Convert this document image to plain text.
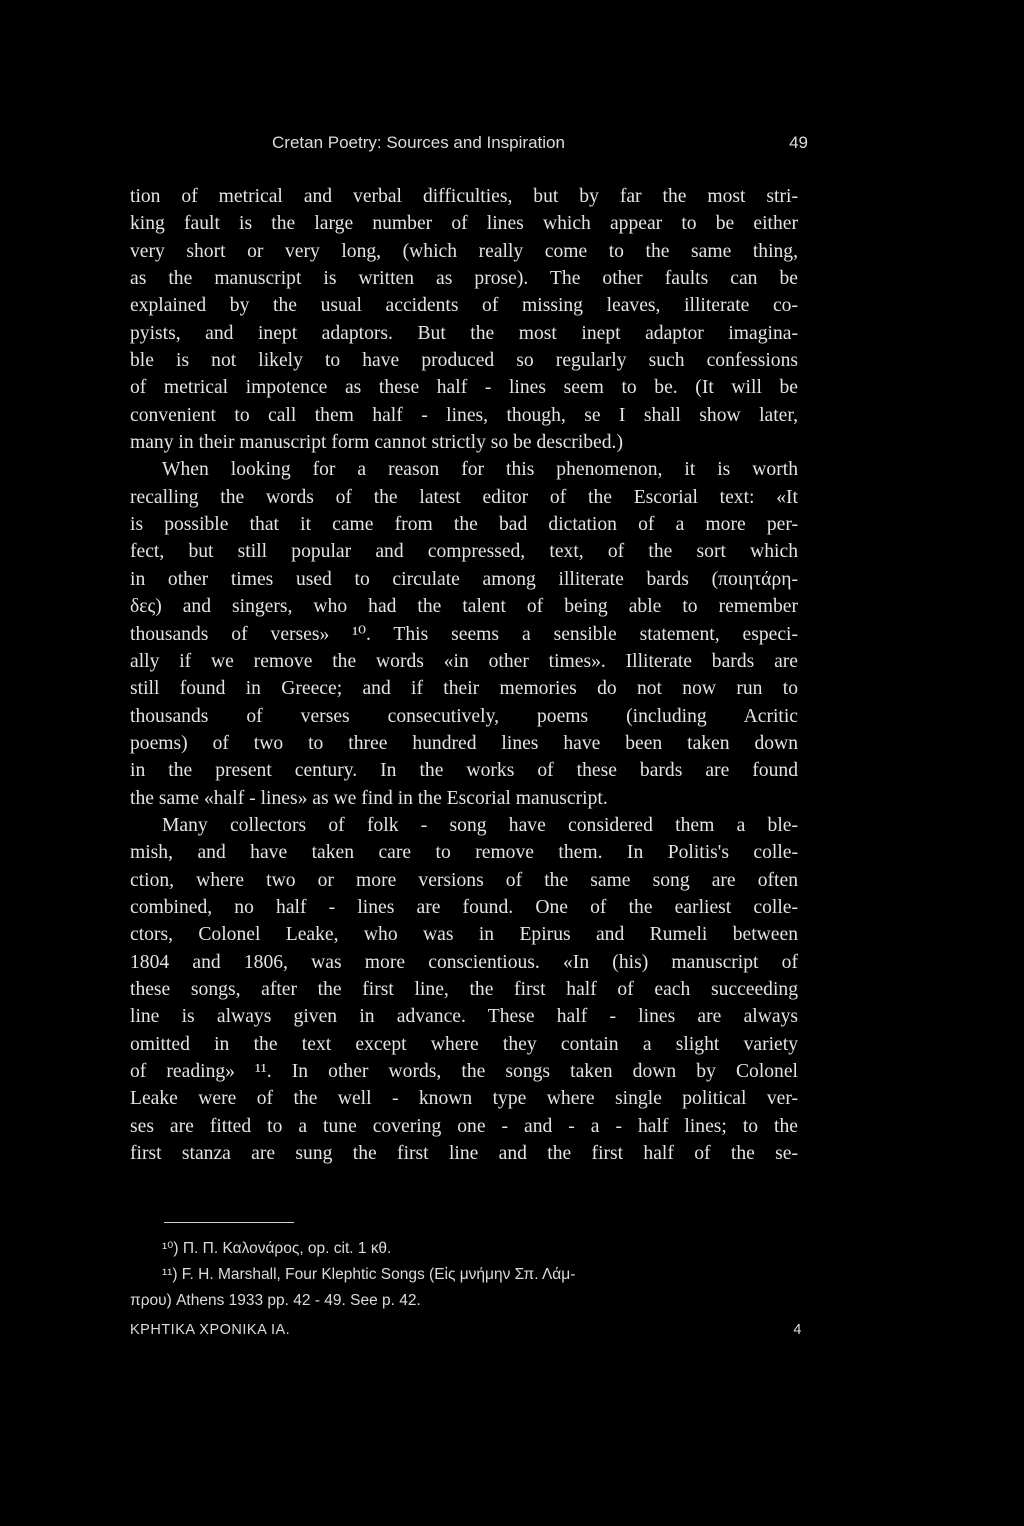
Cretan Poetry: Sources and Inspiration	49
tion of metrical and verbal difficulties, but by far the most stri-
king fault is the large number of lines which appear to be either
very short or very long, (which really come to the same thing,
as the manuscript is written as prose). The other faults can be
explained by the usual accidents of missing leaves, illiterate co-
pyists, and inept adaptors. But the most inept adaptor imagina-
ble is not likely to have produced so regularly such confessions
of metrical impotence as these half - lines seem to be. (It will be
convenient to call them half - lines, though, se I shall show later,
many in their manuscript form cannot strictly so be described.)
When looking for a reason for this phenomenon, it is worth
recalling the words of the latest editor of the Escorial text: «It
is possible that it came from the bad dictation of a more per-
fect, but still popular and compressed, text, of the sort which
in other times used to circulate among illiterate bards (ποιητάρη-
δες) and singers, who had the talent of being able to remember
thousands of verses» ¹⁰. This seems a sensible statement, especi-
ally if we remove the words «in other times». Illiterate bards are
still found in Greece; and if their memories do not now run to
thousands of verses consecutively, poems (including Acritic
poems) of two to three hundred lines have been taken down
in the present century. In the works of these bards are found
the same «half - lines» as we find in the Escorial manuscript.
Many collectors of folk - song have considered them a ble-
mish, and have taken care to remove them. In Politis's colle-
ction, where two or more versions of the same song are often
combined, no half - lines are found. One of the earliest colle-
ctors, Colonel Leake, who was in Epirus and Rumeli between
1804 and 1806, was more conscientious. «In (his) manuscript of
these songs, after the first line, the first half of each succeeding
line is always given in advance. These half - lines are always
omitted in the text except where they contain a slight variety
of reading» ¹¹. In other words, the songs taken down by Colonel
Leake were of the well - known type where single political ver-
ses are fitted to a tune covering one - and - a - half lines; to the
first stanza are sung the first line and the first half of the se-
¹⁰) Π. Π. Καλονάρος, op. cit. 1 κθ.
¹¹) F. H. Marshall, Four Klephtic Songs (Εἰς μνήμην Σπ. Λάμ-
πρου) Athens 1933 pp. 42 - 49. See p. 42.
ΚΡΗΤΙΚΑ ΧΡΟΝΙΚΑ ΙΑ.	4
